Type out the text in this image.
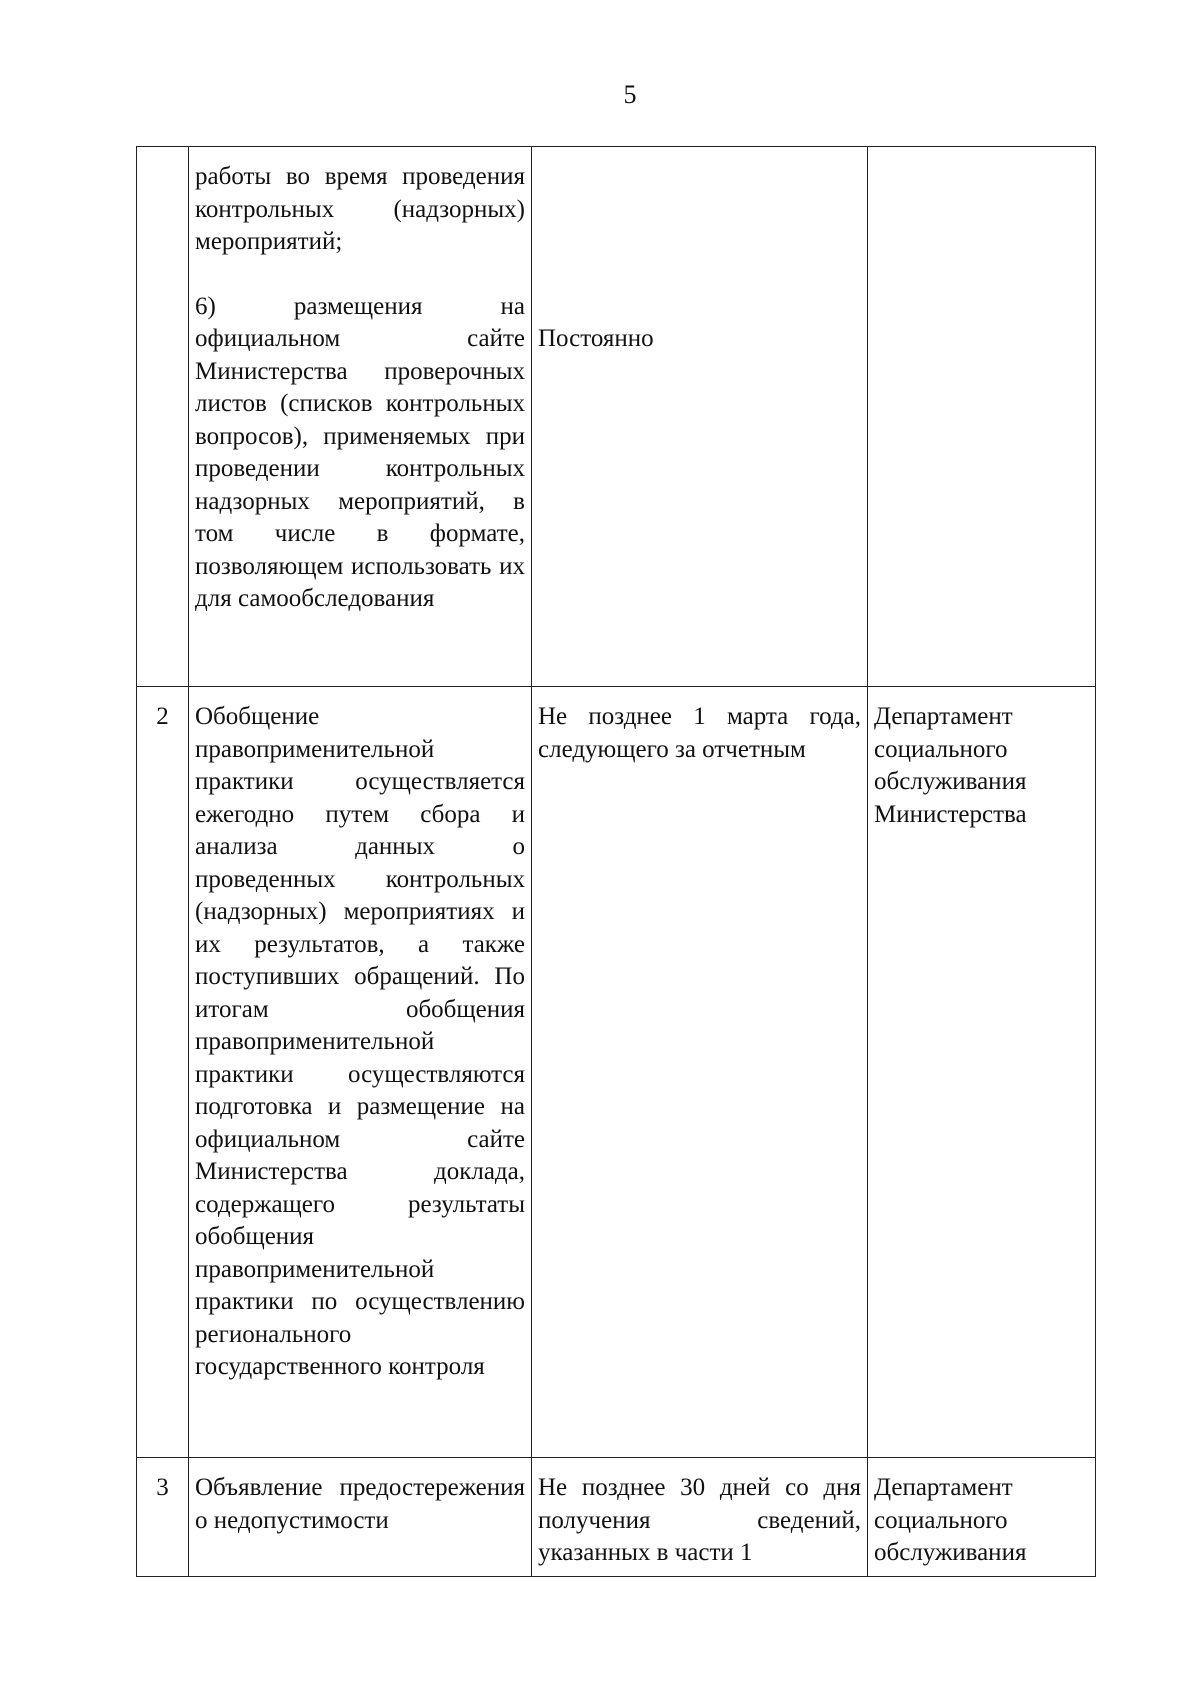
5

	работы во время проведения контрольных (надзорных) мероприятий;
6) размещения на официальном сайте Министерства проверочных листов (списков контрольных вопросов), применяемых при проведении контрольных надзорных мероприятий, в том числе в формате, позволяющем использовать их для самообследования	Постоянно	

2	Обобщение правоприменительной практики осуществляется ежегодно путем сбора и анализа данных о проведенных контрольных (надзорных) мероприятиях и их результатов, а также поступивших обращений. По итогам обобщения правоприменительной практики осуществляются подготовка и размещение на официальном сайте Министерства доклада, содержащего результаты обобщения правоприменительной практики по осуществлению регионального государственного контроля	Не позднее 1 марта года, следующего за отчетным	Департамент социального обслуживания Министерства
3	Объявление предостережения о недопустимости	Не позднее 30 дней со дня получения сведений, указанных в части 1	Департамент социального обслуживания
